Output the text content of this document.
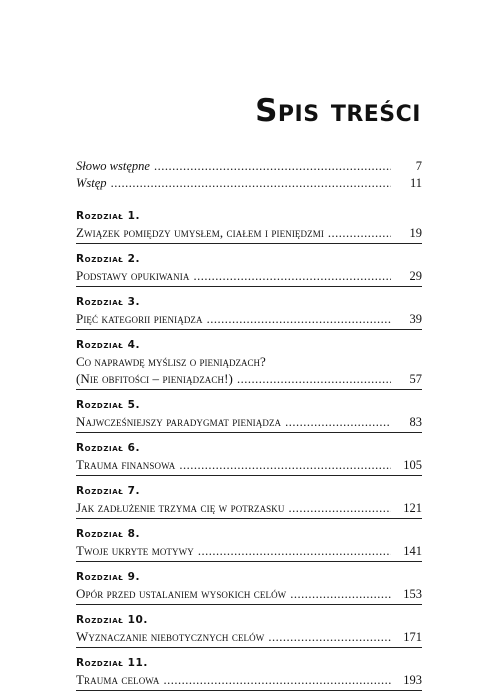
Spis treści
Słowo wstępne .....	7
Wstęp .....	11
Rozdział 1.
Związek pomiędzy umysłem, ciałem i pieniędzmi .....	19
Rozdział 2.
Podstawy opukiwania .....	29
Rozdział 3.
Pięć kategorii pieniądza .....	39
Rozdział 4.
Co naprawdę myślisz o pieniądzach?
(Nie obfitości – pieniądzach!) .....	57
Rozdział 5.
Najwcześniejszy paradygmat pieniądza .....	83
Rozdział 6.
Trauma finansowa .....	105
Rozdział 7.
Jak zadłużenie trzyma cię w potrzasku .....	121
Rozdział 8.
Twoje ukryte motywy .....	141
Rozdział 9.
Opór przed ustalaniem wysokich celów .....	153
Rozdział 10.
Wyznaczanie niebotycznych celów .....	171
Rozdział 11.
Trauma celowa .....	193
